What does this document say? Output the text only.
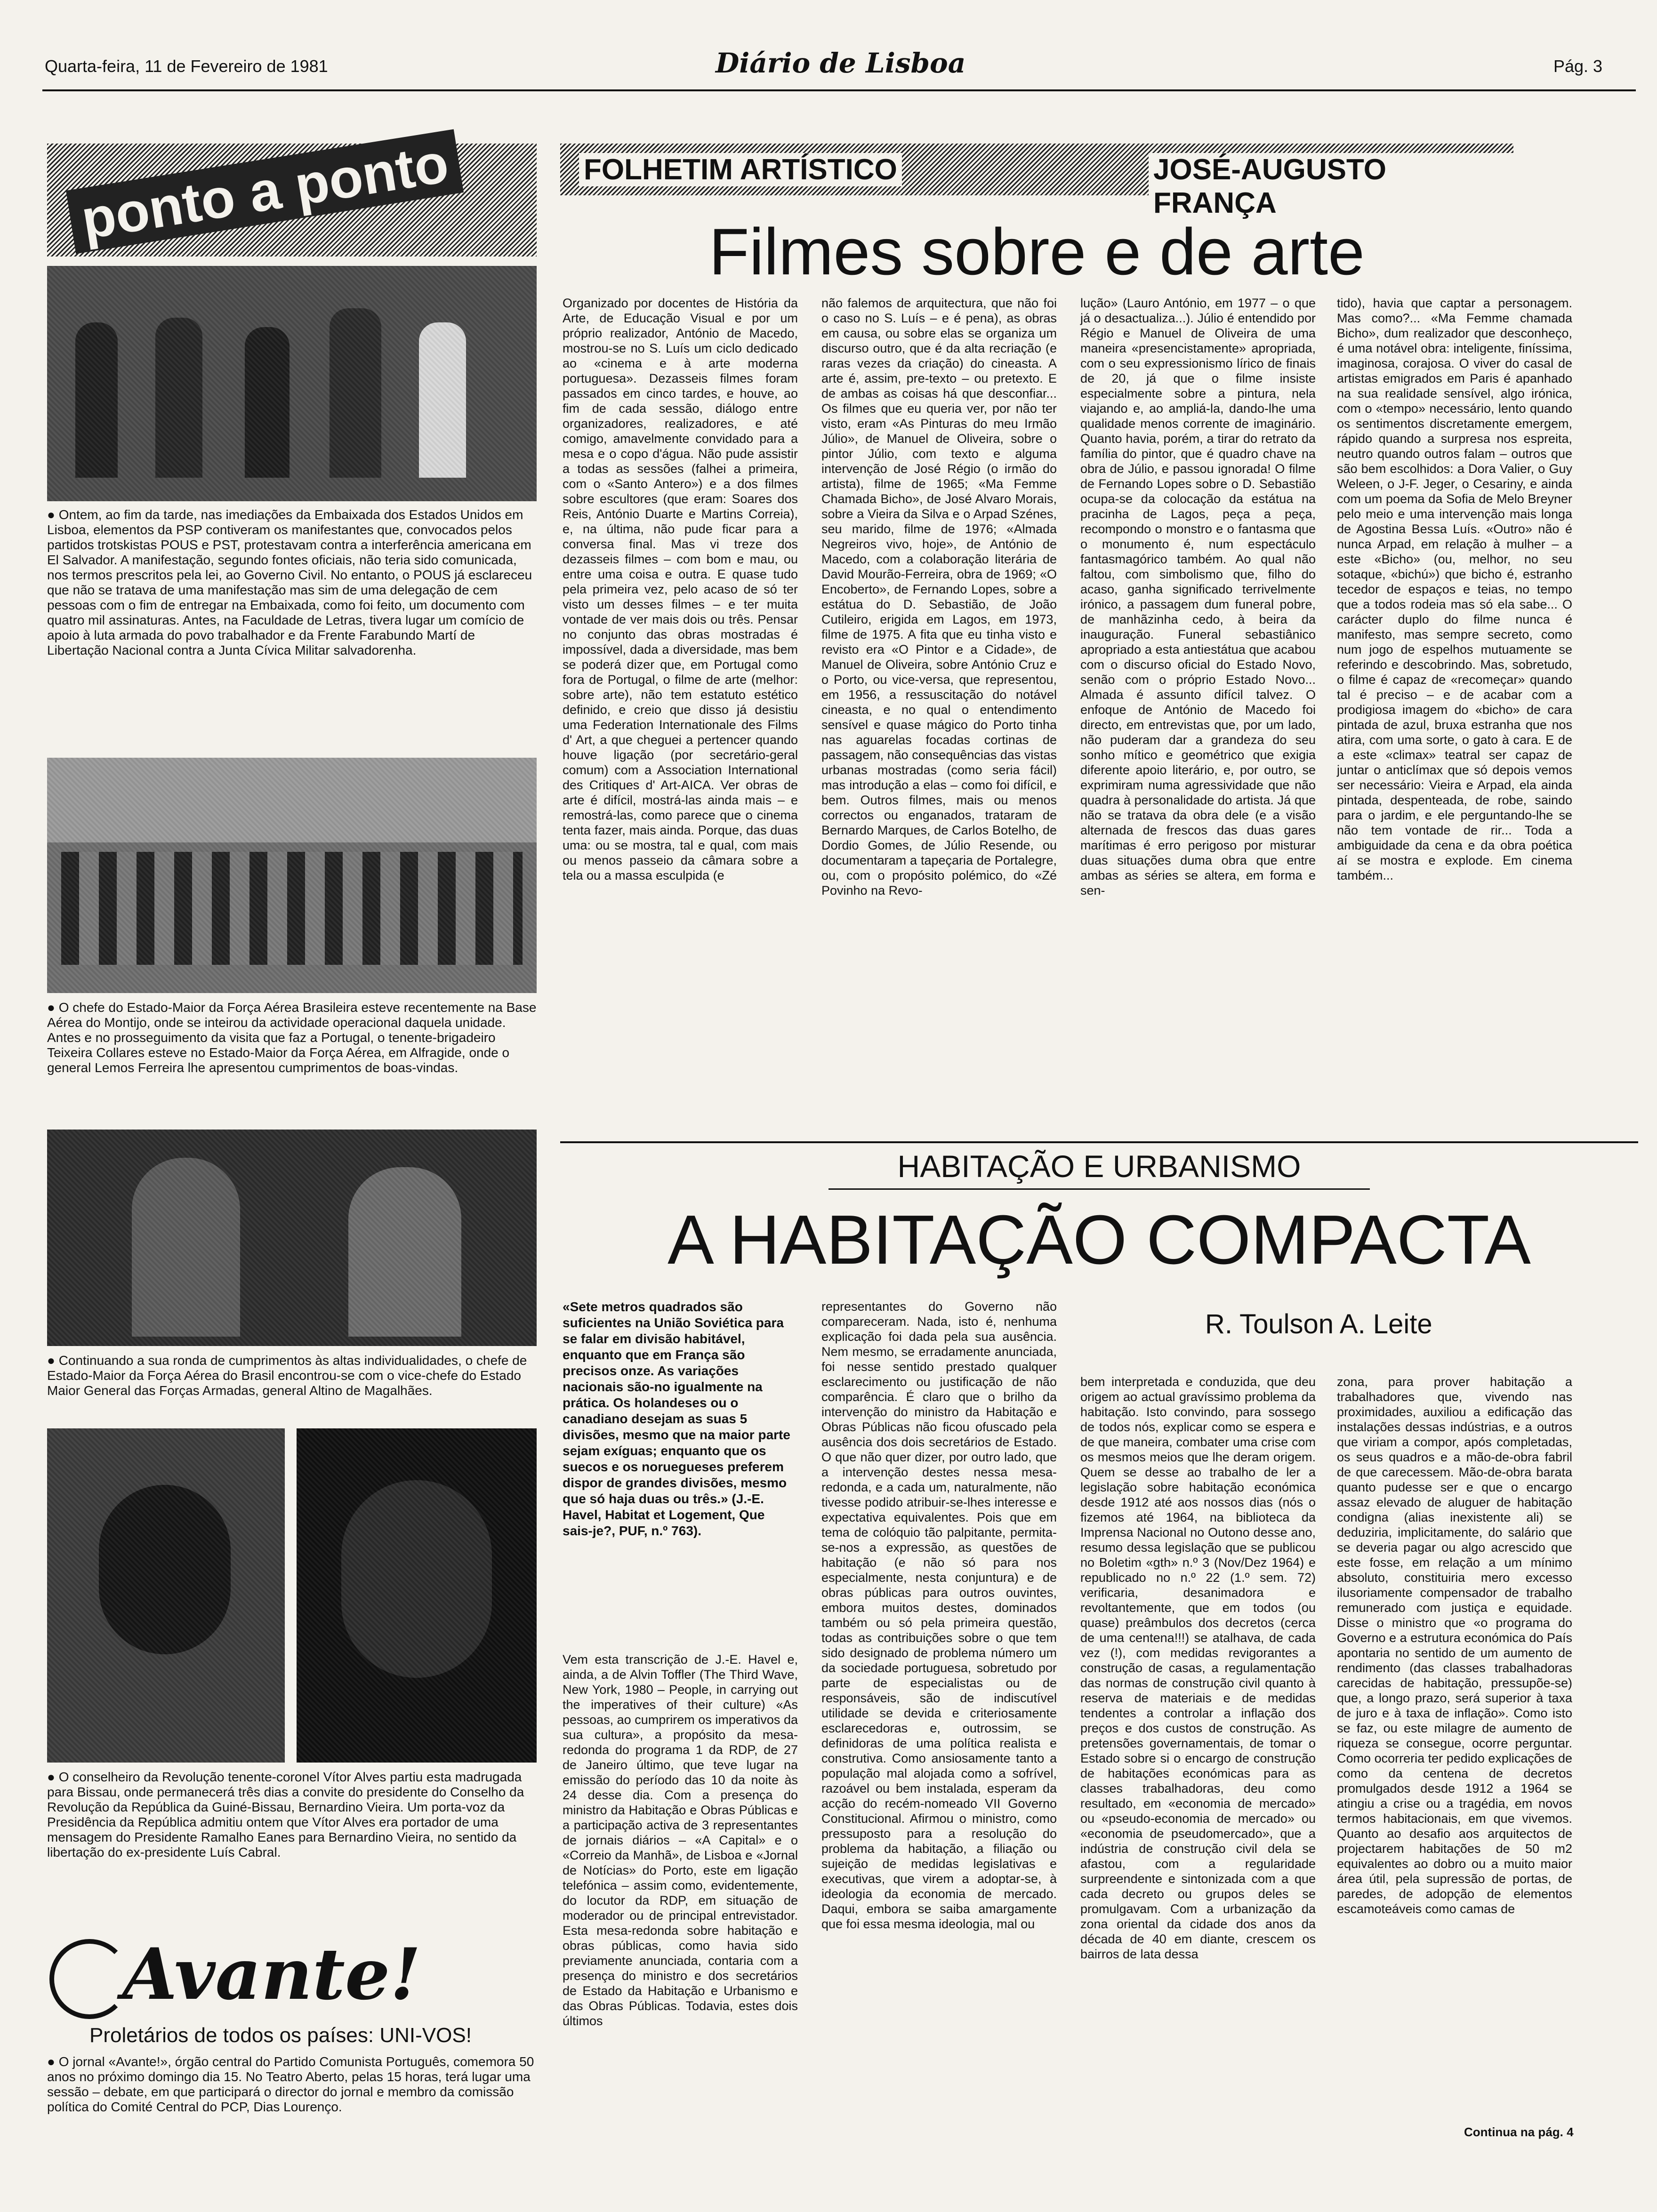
Quarta-feira, 11 de Fevereiro de 1981	Diário de Lisboa	Pág. 3
ponto a ponto
● Ontem, ao fim da tarde, nas imediações da Embaixada dos Estados Unidos em Lisboa, elementos da PSP contiveram os manifestantes que, convocados pelos partidos trotskistas POUS e PST, protestavam contra a interferência americana em El Salvador. A manifestação, segundo fontes oficiais, não teria sido comunicada, nos termos prescritos pela lei, ao Governo Civil. No entanto, o POUS já esclareceu que não se tratava de uma manifestação mas sim de uma delegação de cem pessoas com o fim de entregar na Embaixada, como foi feito, um documento com quatro mil assinaturas. Antes, na Faculdade de Letras, tivera lugar um comício de apoio à luta armada do povo trabalhador e da Frente Farabundo Martí de Libertação Nacional contra a Junta Cívica Militar salvadorenha.
● O chefe do Estado-Maior da Força Aérea Brasileira esteve recentemente na Base Aérea do Montijo, onde se inteirou da actividade operacional daquela unidade. Antes e no prosseguimento da visita que faz a Portugal, o tenente-brigadeiro Teixeira Collares esteve no Estado-Maior da Força Aérea, em Alfragide, onde o general Lemos Ferreira lhe apresentou cumprimentos de boas-vindas.
● Continuando a sua ronda de cumprimentos às altas individualidades, o chefe de Estado-Maior da Força Aérea do Brasil encontrou-se com o vice-chefe do Estado Maior General das Forças Armadas, general Altino de Magalhães.
● O conselheiro da Revolução tenente-coronel Vítor Alves partiu esta madrugada para Bissau, onde permanecerá três dias a convite do presidente do Conselho da Revolução da República da Guiné-Bissau, Bernardino Vieira. Um porta-voz da Presidência da República admitiu ontem que Vítor Alves era portador de uma mensagem do Presidente Ramalho Eanes para Bernardino Vieira, no sentido da libertação do ex-presidente Luís Cabral.
Avante!
Proletários de todos os países: UNI-VOS!
● O jornal «Avante!», órgão central do Partido Comunista Português, comemora 50 anos no próximo domingo dia 15. No Teatro Aberto, pelas 15 horas, terá lugar uma sessão – debate, em que participará o director do jornal e membro da comissão política do Comité Central do PCP, Dias Lourenço.
FOLHETIM ARTÍSTICO	JOSÉ-AUGUSTO FRANÇA
Filmes sobre e de arte
Organizado por docentes de História da Arte, de Educação Visual e por um próprio realizador, António de Macedo, mostrou-se no S. Luís um ciclo dedicado ao «cinema e à arte moderna portuguesa». Dezasseis filmes foram passados em cinco tardes, e houve, ao fim de cada sessão, diálogo entre organizadores, realizadores, e até comigo, amavelmente convidado para a mesa e o copo d'água. Não pude assistir a todas as sessões (falhei a primeira, com o «Santo Antero») e a dos filmes sobre escultores (que eram: Soares dos Reis, António Duarte e Martins Correia), e, na última, não pude ficar para a conversa final. Mas vi treze dos dezasseis filmes – com bom e mau, ou entre uma coisa e outra. E quase tudo pela primeira vez, pelo acaso de só ter visto um desses filmes – e ter muita vontade de ver mais dois ou três. Pensar no conjunto das obras mostradas é impossível, dada a diversidade, mas bem se poderá dizer que, em Portugal como fora de Portugal, o filme de arte (melhor: sobre arte), não tem estatuto estético definido, e creio que disso já desistiu uma Federation Internationale des Films d' Art, a que cheguei a pertencer quando houve ligação (por secretário-geral comum) com a Association International des Critiques d' Art-AICA. Ver obras de arte é difícil, mostrá-las ainda mais – e remostrá-las, como parece que o cinema tenta fazer, mais ainda. Porque, das duas uma: ou se mostra, tal e qual, com mais ou menos passeio da câmara sobre a tela ou a massa esculpida (e
não falemos de arquitectura, que não foi o caso no S. Luís – e é pena), as obras em causa, ou sobre elas se organiza um discurso outro, que é da alta recriação (e raras vezes da criação) do cineasta. A arte é, assim, pre-texto – ou pretexto. E de ambas as coisas há que desconfiar... Os filmes que eu queria ver, por não ter visto, eram «As Pinturas do meu Irmão Júlio», de Manuel de Oliveira, sobre o pintor Júlio, com texto e alguma intervenção de José Régio (o irmão do artista), filme de 1965; «Ma Femme Chamada Bicho», de José Alvaro Morais, sobre a Vieira da Silva e o Arpad Szénes, seu marido, filme de 1976; «Almada Negreiros vivo, hoje», de António de Macedo, com a colaboração literária de David Mourão-Ferreira, obra de 1969; «O Encoberto», de Fernando Lopes, sobre a estátua do D. Sebastião, de João Cutileiro, erigida em Lagos, em 1973, filme de 1975. A fita que eu tinha visto e revisto era «O Pintor e a Cidade», de Manuel de Oliveira, sobre António Cruz e o Porto, ou vice-versa, que representou, em 1956, a ressuscitação do notável cineasta, e no qual o entendimento sensível e quase mágico do Porto tinha nas aguarelas focadas cortinas de passagem, não consequências das vistas urbanas mostradas (como seria fácil) mas introdução a elas – como foi difícil, e bem. Outros filmes, mais ou menos correctos ou enganados, trataram de Bernardo Marques, de Carlos Botelho, de Dordio Gomes, de Júlio Resende, ou documentaram a tapeçaria de Portalegre, ou, com o propósito polémico, do «Zé Povinho na Revo-
lução» (Lauro António, em 1977 – o que já o desactualiza...). Júlio é entendido por Régio e Manuel de Oliveira de uma maneira «presencistamente» apropriada, com o seu expressionismo lírico de finais de 20, já que o filme insiste especialmente sobre a pintura, nela viajando e, ao ampliá-la, dando-lhe uma qualidade menos corrente de imaginário. Quanto havia, porém, a tirar do retrato da família do pintor, que é quadro chave na obra de Júlio, e passou ignorada! O filme de Fernando Lopes sobre o D. Sebastião ocupa-se da colocação da estátua na pracinha de Lagos, peça a peça, recompondo o monstro e o fantasma que o monumento é, num espectáculo fantasmagórico também. Ao qual não faltou, com simbolismo que, filho do acaso, ganha significado terrivelmente irónico, a passagem dum funeral pobre, de manhãzinha cedo, à beira da inauguração. Funeral sebastiânico apropriado a esta antiestátua que acabou com o discurso oficial do Estado Novo, senão com o próprio Estado Novo... Almada é assunto difícil talvez. O enfoque de António de Macedo foi directo, em entrevistas que, por um lado, não puderam dar a grandeza do seu sonho mítico e geométrico que exigia diferente apoio literário, e, por outro, se exprimiram numa agressividade que não quadra à personalidade do artista. Já que não se tratava da obra dele (e a visão alternada de frescos das duas gares marítimas é erro perigoso por misturar duas situações duma obra que entre ambas as séries se altera, em forma e sen-
tido), havia que captar a personagem. Mas como?... «Ma Femme chamada Bicho», dum realizador que desconheço, é uma notável obra: inteligente, finíssima, imaginosa, corajosa. O viver do casal de artistas emigrados em Paris é apanhado na sua realidade sensível, algo irónica, com o «tempo» necessário, lento quando os sentimentos discretamente emergem, rápido quando a surpresa nos espreita, neutro quando outros falam – outros que são bem escolhidos: a Dora Valier, o Guy Weleen, o J-F. Jeger, o Cesariny, e ainda com um poema da Sofia de Melo Breyner pelo meio e uma intervenção mais longa de Agostina Bessa Luís. «Outro» não é nunca Arpad, em relação à mulher – a este «Bicho» (ou, melhor, no seu sotaque, «bichú») que bicho é, estranho tecedor de espaços e teias, no tempo que a todos rodeia mas só ela sabe... O carácter duplo do filme nunca é manifesto, mas sempre secreto, como num jogo de espelhos mutuamente se referindo e descobrindo. Mas, sobretudo, o filme é capaz de «recomeçar» quando tal é preciso – e de acabar com a prodigiosa imagem do «bicho» de cara pintada de azul, bruxa estranha que nos atira, com uma sorte, o gato à cara. E de a este «climax» teatral ser capaz de juntar o anticlímax que só depois vemos ser necessário: Vieira e Arpad, ela ainda pintada, despenteada, de robe, saindo para o jardim, e ele perguntando-lhe se não tem vontade de rir... Toda a ambiguidade da cena e da obra poética aí se mostra e explode. Em cinema também...
HABITAÇÃO E URBANISMO
A HABITAÇÃO COMPACTA
R. Toulson A. Leite
«Sete metros quadrados são suficientes na União Soviética para se falar em divisão habitável, enquanto que em França são precisos onze. As variações nacionais são-no igualmente na prática. Os holandeses ou o canadiano desejam as suas 5 divisões, mesmo que na maior parte sejam exíguas; enquanto que os suecos e os noruegueses preferem dispor de grandes divisões, mesmo que só haja duas ou três.» (J.-E. Havel, Habitat et Logement, Que sais-je?, PUF, n.º 763).
Vem esta transcrição de J.-E. Havel e, ainda, a de Alvin Toffler (The Third Wave, New York, 1980 – People, in carrying out the imperatives of their culture) «As pessoas, ao cumprirem os imperativos da sua cultura», a propósito da mesa-redonda do programa 1 da RDP, de 27 de Janeiro último, que teve lugar na emissão do período das 10 da noite às 24 desse dia. Com a presença do ministro da Habitação e Obras Públicas e a participação activa de 3 representantes de jornais diários – «A Capital» e o «Correio da Manhã», de Lisboa e «Jornal de Notícias» do Porto, este em ligação telefónica – assim como, evidentemente, do locutor da RDP, em situação de moderador ou de principal entrevistador. Esta mesa-redonda sobre habitação e obras públicas, como havia sido previamente anunciada, contaria com a presença do ministro e dos secretários de Estado da Habitação e Urbanismo e das Obras Públicas. Todavia, estes dois últimos
representantes do Governo não compareceram. Nada, isto é, nenhuma explicação foi dada pela sua ausência. Nem mesmo, se erradamente anunciada, foi nesse sentido prestado qualquer esclarecimento ou justificação de não comparência. É claro que o brilho da intervenção do ministro da Habitação e Obras Públicas não ficou ofuscado pela ausência dos dois secretários de Estado. O que não quer dizer, por outro lado, que a intervenção destes nessa mesa-redonda, e a cada um, naturalmente, não tivesse podido atribuir-se-lhes interesse e expectativa equivalentes. Pois que em tema de colóquio tão palpitante, permita-se-nos a expressão, as questões de habitação (e não só para nos especialmente, nesta conjuntura) e de obras públicas para outros ouvintes, embora muitos destes, dominados também ou só pela primeira questão, todas as contribuições sobre o que tem sido designado de problema número um da sociedade portuguesa, sobretudo por parte de especialistas ou de responsáveis, são de indiscutível utilidade se devida e criteriosamente esclarecedoras e, outrossim, se definidoras de uma política realista e construtiva. Como ansiosamente tanto a população mal alojada como a sofrível, razoável ou bem instalada, esperam da acção do recém-nomeado VII Governo Constitucional. Afirmou o ministro, como pressuposto para a resolução do problema da habitação, a filiação ou sujeição de medidas legislativas e executivas, que virem a adoptar-se, à ideologia da economia de mercado. Daqui, embora se saiba amargamente que foi essa mesma ideologia, mal ou
bem interpretada e conduzida, que deu origem ao actual gravíssimo problema da habitação. Isto convindo, para sossego de todos nós, explicar como se espera e de que maneira, combater uma crise com os mesmos meios que lhe deram origem. Quem se desse ao trabalho de ler a legislação sobre habitação económica desde 1912 até aos nossos dias (nós o fizemos até 1964, na biblioteca da Imprensa Nacional no Outono desse ano, resumo dessa legislação que se publicou no Boletim «gth» n.º 3 (Nov/Dez 1964) e republicado no n.º 22 (1.º sem. 72) verificaria, desanimadora e revoltantemente, que em todos (ou quase) preâmbulos dos decretos (cerca de uma centena!!!) se atalhava, de cada vez (!), com medidas revigorantes a construção de casas, a regulamentação das normas de construção civil quanto à reserva de materiais e de medidas tendentes a controlar a inflação dos preços e dos custos de construção. As pretensões governamentais, de tomar o Estado sobre si o encargo de construção de habitações económicas para as classes trabalhadoras, deu como resultado, em «economia de mercado» ou «pseudo-economia de mercado» ou «economia de pseudomercado», que a indústria de construção civil dela se afastou, com a regularidade surpreendente e sintonizada com a que cada decreto ou grupos deles se promulgavam. Com a urbanização da zona oriental da cidade dos anos da década de 40 em diante, crescem os bairros de lata dessa
zona, para prover habitação a trabalhadores que, vivendo nas proximidades, auxiliou a edificação das instalações dessas indústrias, e a outros que viriam a compor, após completadas, os seus quadros e a mão-de-obra fabril de que carecessem. Mão-de-obra barata quanto pudesse ser e que o encargo assaz elevado de aluguer de habitação condigna (alias inexistente ali) se deduziria, implicitamente, do salário que se deveria pagar ou algo acrescido que este fosse, em relação a um mínimo absoluto, constituiria mero excesso ilusoriamente compensador de trabalho remunerado com justiça e equidade. Disse o ministro que «o programa do Governo e a estrutura económica do País apontaria no sentido de um aumento de rendimento (das classes trabalhadoras carecidas de habitação, pressupõe-se) que, a longo prazo, será superior à taxa de juro e à taxa de inflação». Como isto se faz, ou este milagre de aumento de riqueza se consegue, ocorre perguntar. Como ocorreria ter pedido explicações de como da centena de decretos promulgados desde 1912 a 1964 se atingiu a crise ou a tragédia, em novos termos habitacionais, em que vivemos. Quanto ao desafio aos arquitectos de projectarem habitações de 50 m2 equivalentes ao dobro ou a muito maior área útil, pela supressão de portas, de paredes, de adopção de elementos escamoteáveis como camas de
Continua na pág. 4
